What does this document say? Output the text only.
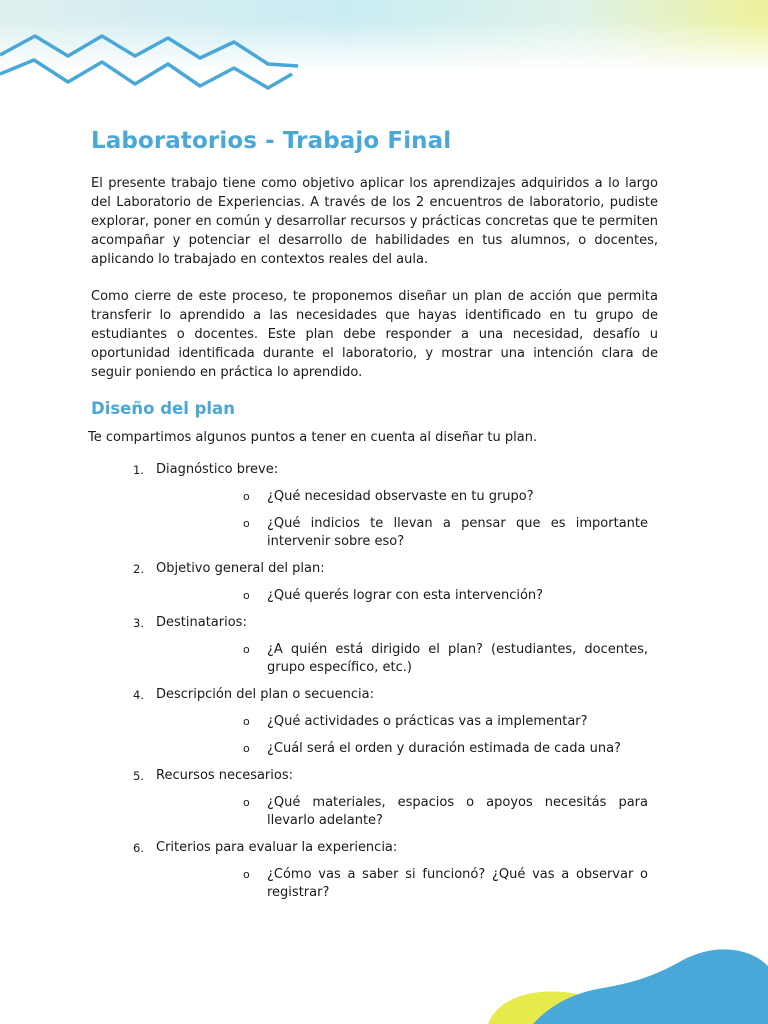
Laboratorios - Trabajo Final

El presente trabajo tiene como objetivo aplicar los aprendizajes adquiridos a lo largo del Laboratorio de Experiencias. A través de los 2 encuentros de laboratorio, pudiste explorar, poner en común y desarrollar recursos y prácticas concretas que te permiten acompañar y potenciar el desarrollo de habilidades en tus alumnos, o docentes, aplicando lo trabajado en contextos reales del aula.

Como cierre de este proceso, te proponemos diseñar un plan de acción que permita transferir lo aprendido a las necesidades que hayas identificado en tu grupo de estudiantes o docentes. Este plan debe responder a una necesidad, desafío u oportunidad identificada durante el laboratorio, y mostrar una intención clara de seguir poniendo en práctica lo aprendido.

Diseño del plan

Te compartimos algunos puntos a tener en cuenta al diseñar tu plan.

1. Diagnóstico breve:
o ¿Qué necesidad observaste en tu grupo?
o ¿Qué indicios te llevan a pensar que es importante intervenir sobre eso?
2. Objetivo general del plan:
o ¿Qué querés lograr con esta intervención?
3. Destinatarios:
o ¿A quién está dirigido el plan? (estudiantes, docentes, grupo específico, etc.)
4. Descripción del plan o secuencia:
o ¿Qué actividades o prácticas vas a implementar?
o ¿Cuál será el orden y duración estimada de cada una?
5. Recursos necesarios:
o ¿Qué materiales, espacios o apoyos necesitás para llevarlo adelante?
6. Criterios para evaluar la experiencia:
o ¿Cómo vas a saber si funcionó? ¿Qué vas a observar o registrar?
